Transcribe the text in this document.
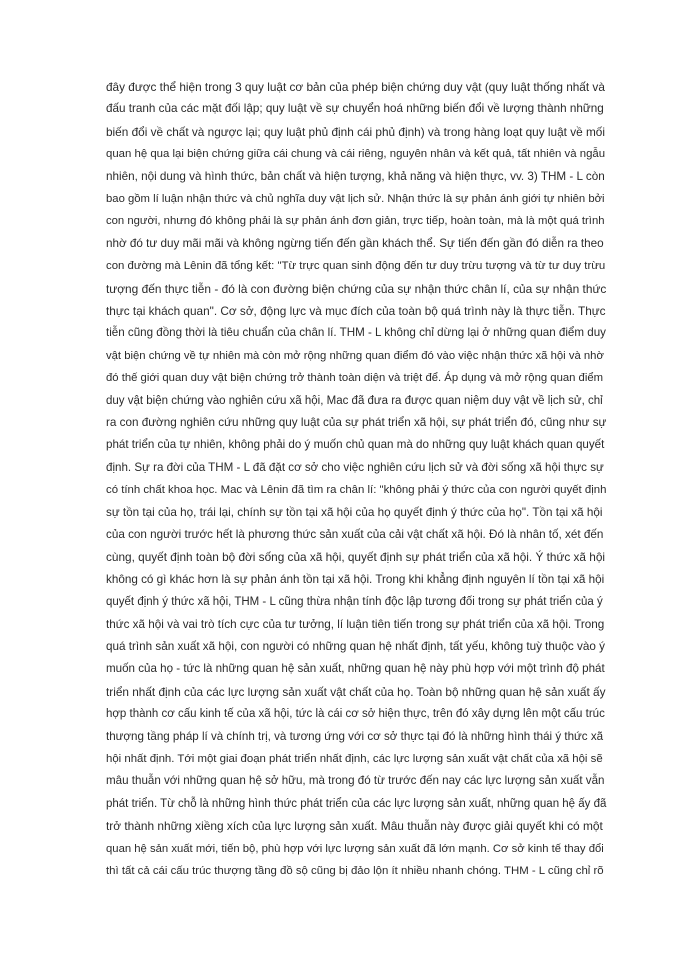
đây được thể hiện trong 3 quy luật cơ bản của phép biện chứng duy vật (quy luật thống nhất và
đấu tranh của các mặt đối lập; quy luật về sự chuyển hoá những biến đổi về lượng thành những
biến đổi về chất và ngược lại; quy luật phủ định cái phủ định) và trong hàng loạt quy luật về mối
quan hệ qua lại biện chứng giữa cái chung và cái riêng, nguyên nhân và kết quả, tất nhiên và ngẫu
nhiên, nội dung và hình thức, bản chất và hiện tượng, khả năng và hiện thực, vv. 3) THM - L còn
bao gồm lí luận nhận thức và chủ nghĩa duy vật lịch sử. Nhận thức là sự phản ánh giới tự nhiên bởi
con người, nhưng đó không phải là sự phản ánh đơn giản, trực tiếp, hoàn toàn, mà là một quá trình
nhờ đó tư duy mãi mãi và không ngừng tiến đến gần khách thể. Sự tiến đến gần đó diễn ra theo
con đường mà Lênin đã tổng kết: "Từ trực quan sinh động đến tư duy trừu tượng và từ tư duy trừu
tượng đến thực tiễn - đó là con đường biện chứng của sự nhận thức chân lí, của sự nhận thức
thực tại khách quan". Cơ sở, động lực và mục đích của toàn bộ quá trình này là thực tiễn. Thực
tiễn cũng đồng thời là tiêu chuẩn của chân lí. THM - L không chỉ dừng lại ở những quan điểm duy
vật biện chứng về tự nhiên mà còn mở rộng những quan điểm đó vào việc nhận thức xã hội và nhờ
đó thế giới quan duy vật biện chứng trở thành toàn diện và triệt để. Áp dụng và mở rộng quan điểm
duy vật biện chứng vào nghiên cứu xã hội, Mac đã đưa ra được quan niệm duy vật về lịch sử, chỉ
ra con đường nghiên cứu những quy luật của sự phát triển xã hội, sự phát triển đó, cũng như sự
phát triển của tự nhiên, không phải do ý muốn chủ quan mà do những quy luật khách quan quyết
định. Sự ra đời của THM - L đã đặt cơ sở cho việc nghiên cứu lịch sử và đời sống xã hội thực sự
có tính chất khoa học. Mac và Lênin đã tìm ra chân lí: "không phải ý thức của con người quyết định
sự tồn tại của họ, trái lại, chính sự tồn tại xã hội của họ quyết định ý thức của họ". Tồn tại xã hội
của con người trước hết là phương thức sản xuất của cải vật chất xã hội. Đó là nhân tố, xét đến
cùng, quyết định toàn bộ đời sống của xã hội, quyết định sự phát triển của xã hội. Ý thức xã hội
không có gì khác hơn là sự phản ánh tồn tại xã hội. Trong khi khẳng định nguyên lí tồn tại xã hội
quyết định ý thức xã hội, THM - L cũng thừa nhận tính độc lập tương đối trong sự phát triển của ý
thức xã hội và vai trò tích cực của tư tưởng, lí luận tiên tiến trong sự phát triển của xã hội. Trong
quá trình sản xuất xã hội, con người có những quan hệ nhất định, tất yếu, không tuỳ thuộc vào ý
muốn của họ - tức là những quan hệ sản xuất, những quan hệ này phù hợp với một trình độ phát
triển nhất định của các lực lượng sản xuất vật chất của họ. Toàn bộ những quan hệ sản xuất ấy
hợp thành cơ cấu kinh tế của xã hội, tức là cái cơ sở hiện thực, trên đó xây dựng lên một cấu trúc
thượng tầng pháp lí và chính trị, và tương ứng với cơ sở thực tại đó là những hình thái ý thức xã
hội nhất định. Tới một giai đoạn phát triển nhất định, các lực lượng sản xuất vật chất của xã hội sẽ
mâu thuẫn với những quan hệ sở hữu, mà trong đó từ trước đến nay các lực lượng sản xuất vẫn
phát triển. Từ chỗ là những hình thức phát triển của các lực lượng sản xuất, những quan hệ ấy đã
trở thành những xiềng xích của lực lượng sản xuất. Mâu thuẫn này được giải quyết khi có một
quan hệ sản xuất mới, tiến bộ, phù hợp với lực lượng sản xuất đã lớn mạnh. Cơ sở kinh tế thay đổi
thì tất cả cái cấu trúc thượng tầng đồ sộ cũng bị đảo lộn ít nhiều nhanh chóng. THM - L cũng chỉ rõ
